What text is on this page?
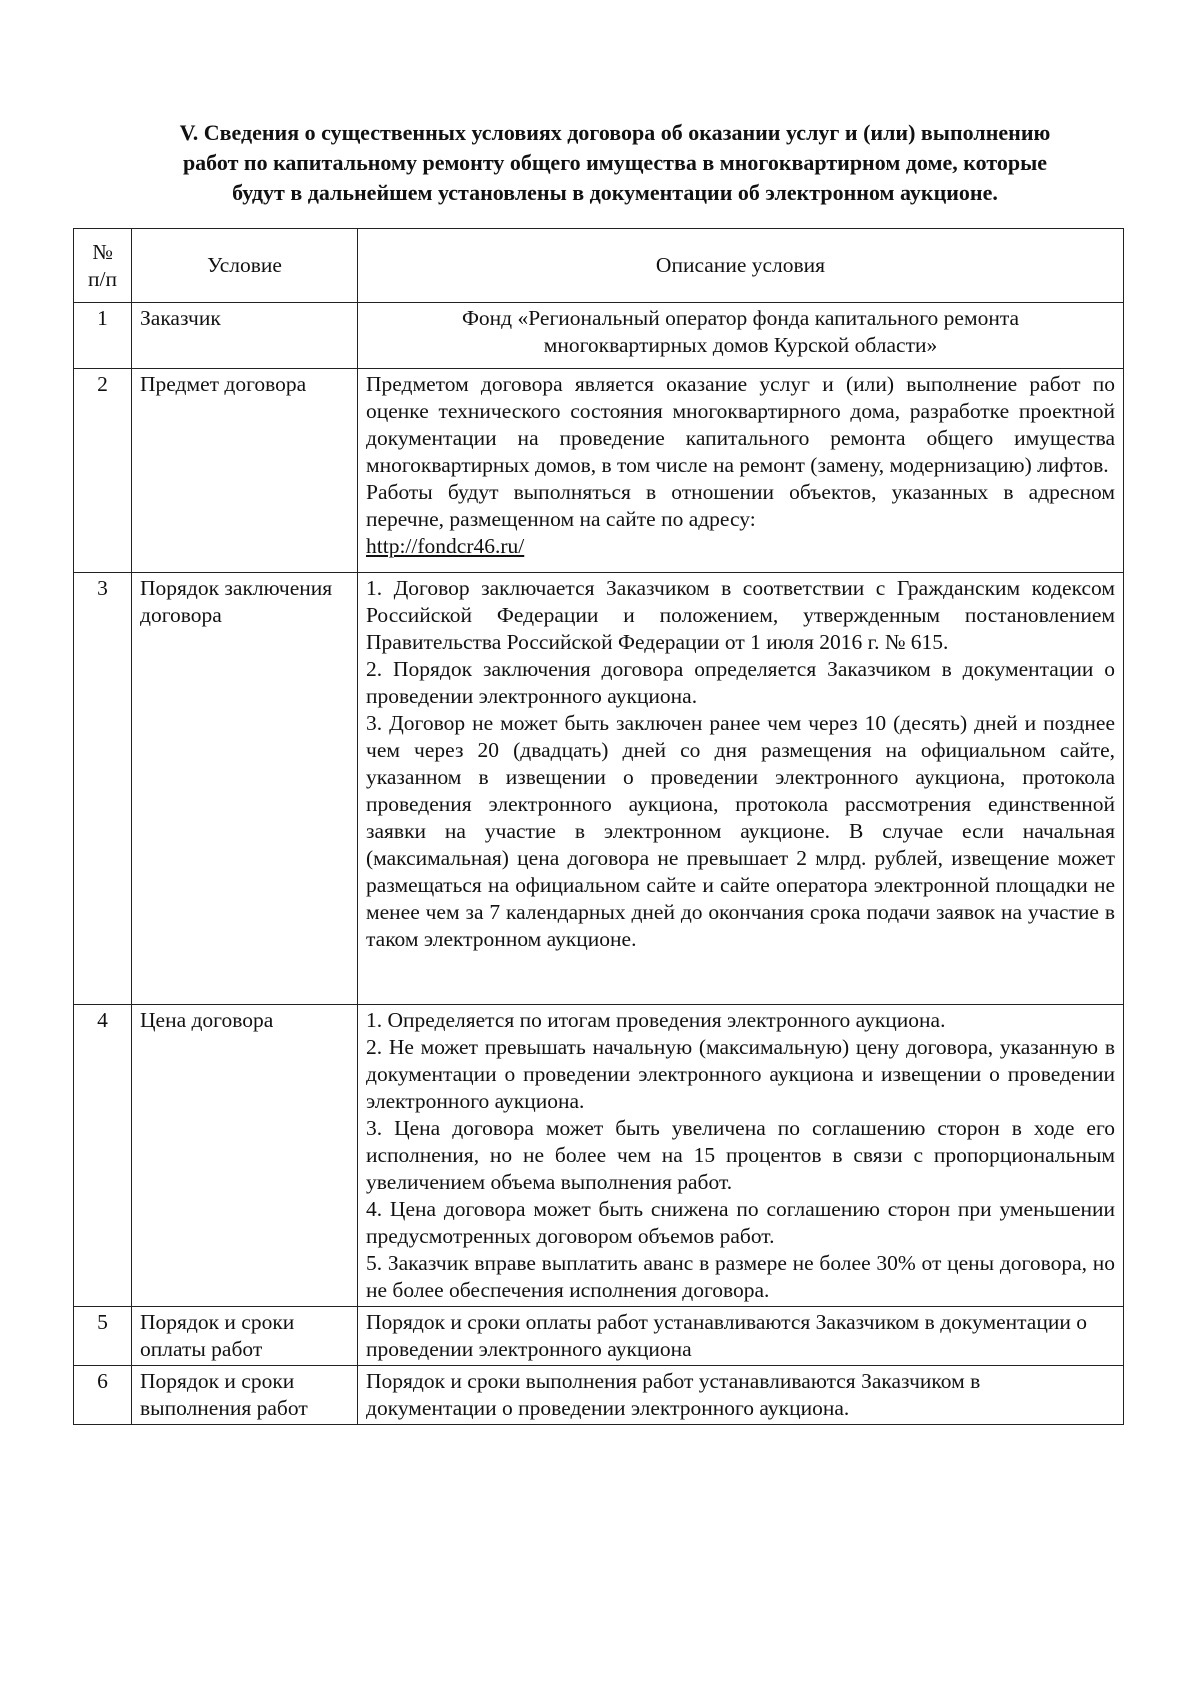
V. Сведения о существенных условиях договора об оказании услуг и (или) выполнению
работ по капитальному ремонту общего имущества в многоквартирном доме, которые
будут в дальнейшем установлены в документации об электронном аукционе.
№ п/п	Условие	Описание условия
1	Заказчик	Фонд «Региональный оператор фонда капитального ремонта многоквартирных домов Курской области»
2	Предмет договора	Предметом договора является оказание услуг и (или) выполнение работ по оценке технического состояния многоквартирного дома, разработке проектной документации на проведение капитального ремонта общего имущества многоквартирных домов, в том числе на ремонт (замену, модернизацию) лифтов.
Работы будут выполняться в отношении объектов, указанных в адресном перечне, размещенном на сайте по адресу:
http://fondcr46.ru/

3	Порядок заключения договора	1. Договор заключается Заказчиком в соответствии с Гражданским кодексом Российской Федерации и положением, утвержденным постановлением Правительства Российской Федерации от 1 июля 2016 г. № 615.
2. Порядок заключения договора определяется Заказчиком в документации о проведении электронного аукциона.
3. Договор не может быть заключен ранее чем через 10 (десять) дней и позднее чем через 20 (двадцать) дней со дня размещения на официальном сайте, указанном в извещении о проведении электронного аукциона, протокола проведения электронного аукциона, протокола рассмотрения единственной заявки на участие в электронном аукционе. В случае если начальная (максимальная) цена договора не превышает 2 млрд. рублей, извещение может размещаться на официальном сайте и сайте оператора электронной площадки не менее чем за 7 календарных дней до окончания срока подачи заявок на участие в таком электронном аукционе.

4	Цена договора	1. Определяется по итогам проведения электронного аукциона.
2. Не может превышать начальную (максимальную) цену договора, указанную в документации о проведении электронного аукциона и извещении о проведении электронного аукциона.
3. Цена договора может быть увеличена по соглашению сторон в ходе его исполнения, но не более чем на 15 процентов в связи с пропорциональным увеличением объема выполнения работ.
4. Цена договора может быть снижена по соглашению сторон при уменьшении предусмотренных договором объемов работ.
5. Заказчик вправе выплатить аванс в размере не более 30% от цены договора, но не более обеспечения исполнения договора.

5	Порядок и сроки оплаты работ	Порядок и сроки оплаты работ устанавливаются Заказчиком в документации о проведении электронного аукциона
6	Порядок и сроки выполнения работ	Порядок и сроки выполнения работ устанавливаются Заказчиком в документации о проведении электронного аукциона.
